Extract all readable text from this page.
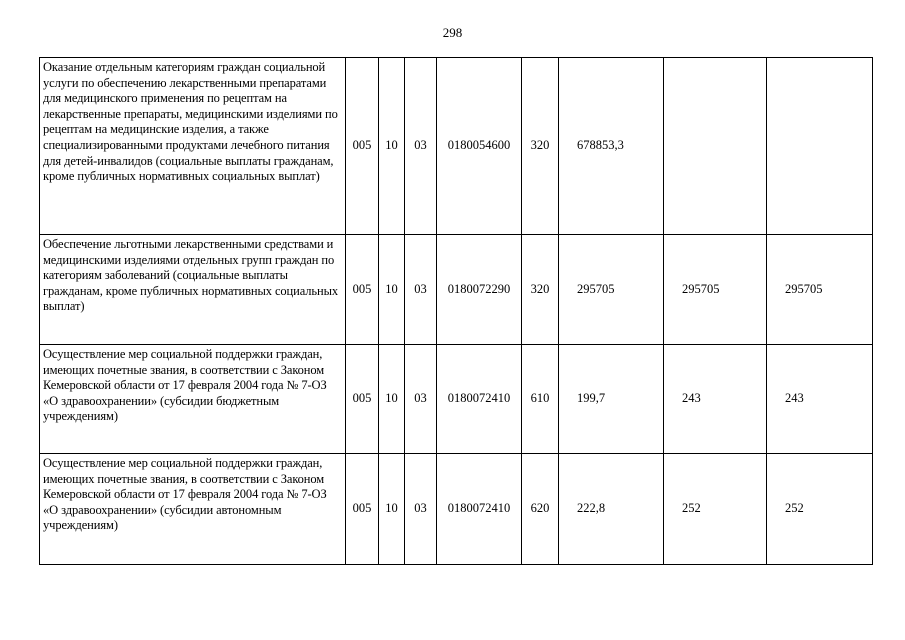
298
Оказание отдельным категориям граждан социальной услуги по обеспечению лекарственными препаратами для медицинского применения по рецептам на лекарственные препараты, медицинскими изделиями по рецептам на медицинские изделия, а также специализированными продуктами лечебного питания для детей-инвалидов (социальные выплаты гражданам, кроме публичных нормативных социальных выплат)	005	10	03	0180054600	320	678853,3		
Обеспечение льготными лекарственными средствами и медицинскими изделиями отдельных групп граждан по категориям заболеваний (социальные выплаты гражданам, кроме публичных нормативных социальных выплат)	005	10	03	0180072290	320	295705	295705	295705
Осуществление мер социальной поддержки граждан, имеющих почетные звания, в соответствии с Законом Кемеровской области от 17 февраля 2004 года № 7-ОЗ «О здравоохранении» (субсидии бюджетным учреждениям)	005	10	03	0180072410	610	199,7	243	243
Осуществление мер социальной поддержки граждан, имеющих почетные звания, в соответствии с Законом Кемеровской области от 17 февраля 2004 года № 7-ОЗ «О здравоохранении» (субсидии автономным учреждениям)	005	10	03	0180072410	620	222,8	252	252
